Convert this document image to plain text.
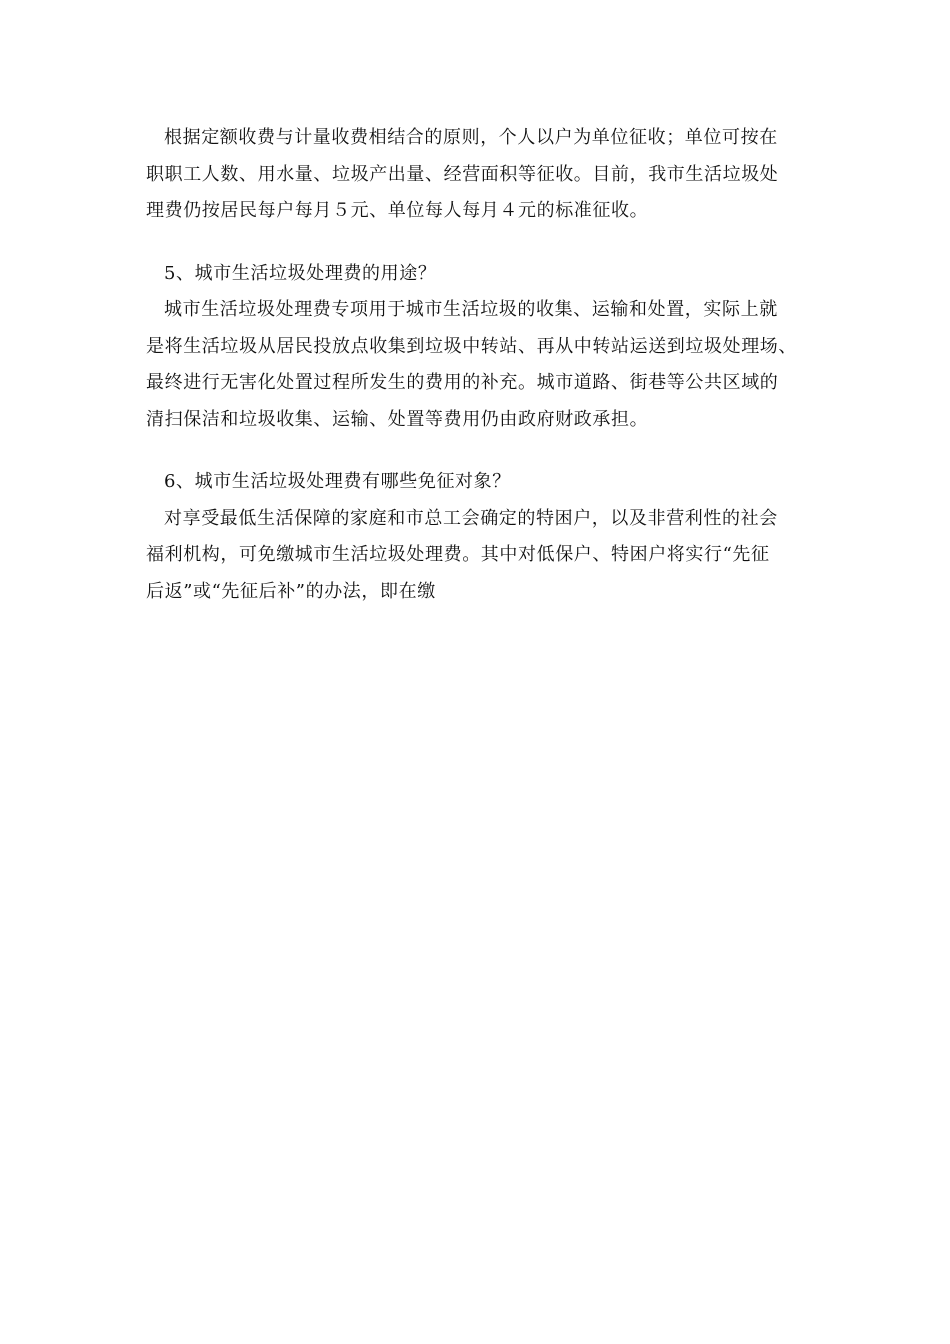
根据定额收费与计量收费相结合的原则，个人以户为单位征收；单位可按在
职职工人数、用水量、垃圾产出量、经营面积等征收。目前，我市生活垃圾处
理费仍按居民每户每月５元、单位每人每月４元的标准征收。
5、城市生活垃圾处理费的用途？
城市生活垃圾处理费专项用于城市生活垃圾的收集、运输和处置，实际上就
是将生活垃圾从居民投放点收集到垃圾中转站、再从中转站运送到垃圾处理场、
最终进行无害化处置过程所发生的费用的补充。城市道路、街巷等公共区域的
清扫保洁和垃圾收集、运输、处置等费用仍由政府财政承担。
6、城市生活垃圾处理费有哪些免征对象？
对享受最低生活保障的家庭和市总工会确定的特困户，以及非营利性的社会
福利机构，可免缴城市生活垃圾处理费。其中对低保户、特困户将实行“先征
后返”或“先征后补”的办法，即在缴
